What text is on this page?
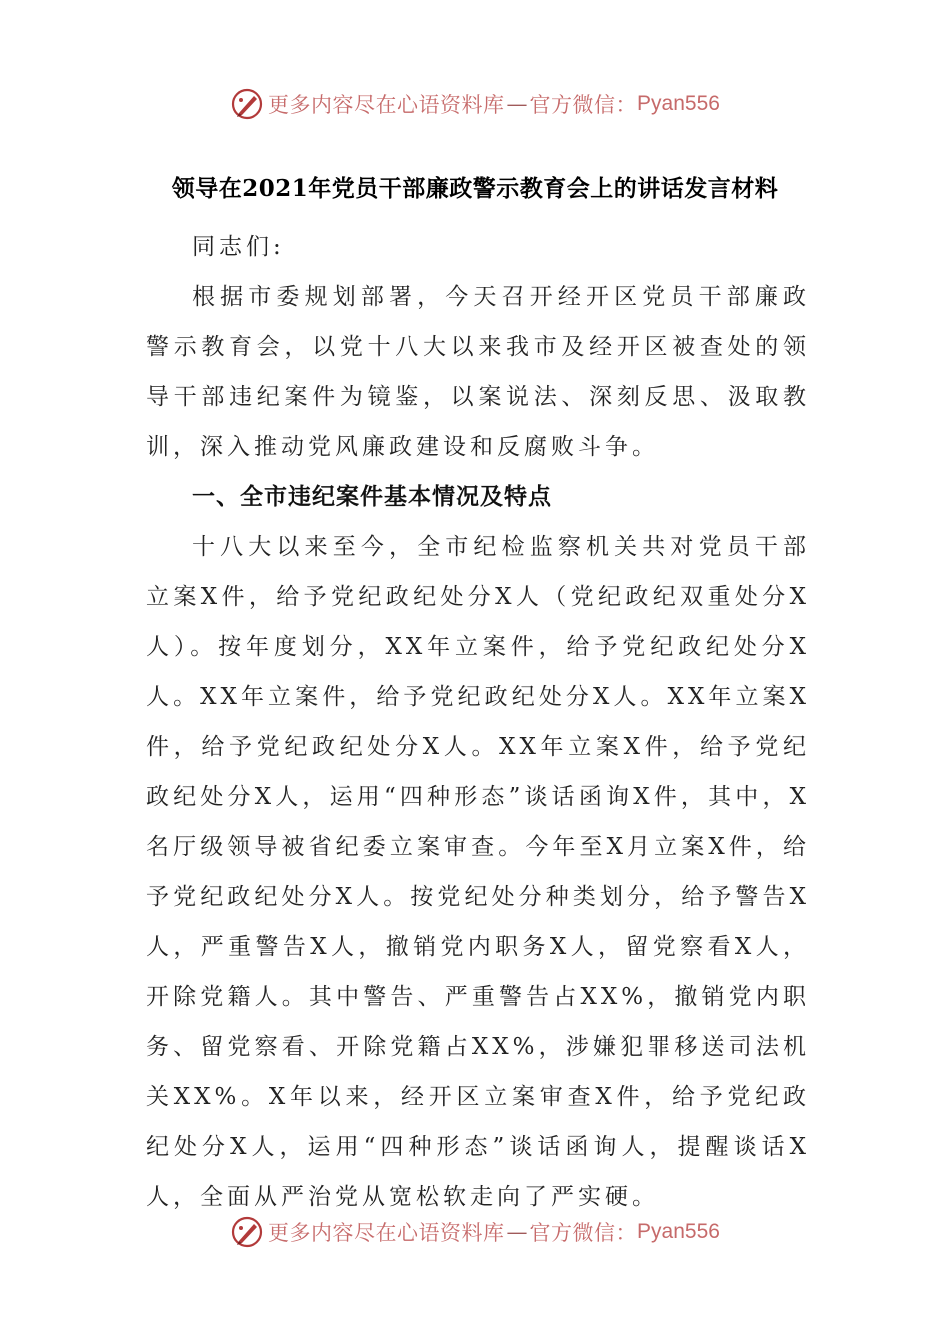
更多内容尽在心语资料库 — 官方微信： Pyan556
领导在2021年党员干部廉政警示教育会上的讲话发言材料

同志们:

根据市委规划部署，今天召开经开区党员干部廉政警示教育会，以党十八大以来我市及经开区被查处的领导干部违纪案件为镜鉴，以案说法、深刻反思、汲取教训，深入推动党风廉政建设和反腐败斗争。

一、全市违纪案件基本情况及特点

十八大以来至今，全市纪检监察机关共对党员干部立案X件，给予党纪政纪处分X人（党纪政纪双重处分X人）。按年度划分，XX年立案件，给予党纪政纪处分X人。XX年立案件，给予党纪政纪处分X人。XX年立案X件，给予党纪政纪处分X人。XX年立案X件，给予党纪政纪处分X人，运用“四种形态”谈话函询X件，其中，X名厅级领导被省纪委立案审查。今年至X月立案X件，给予党纪政纪处分X人。按党纪处分种类划分，给予警告X人，严重警告X人，撤销党内职务X人，留党察看X人，开除党籍人。其中警告、严重警告占XX%，撤销党内职务、留党察看、开除党籍占XX%，涉嫌犯罪移送司法机关XX%。X年以来，经开区立案审查X件，给予党纪政纪处分X人，运用“四种形态”谈话函询人，提醒谈话X人，全面从严治党从宽松软走向了严实硬。

更多内容尽在心语资料库 — 官方微信： Pyan556
